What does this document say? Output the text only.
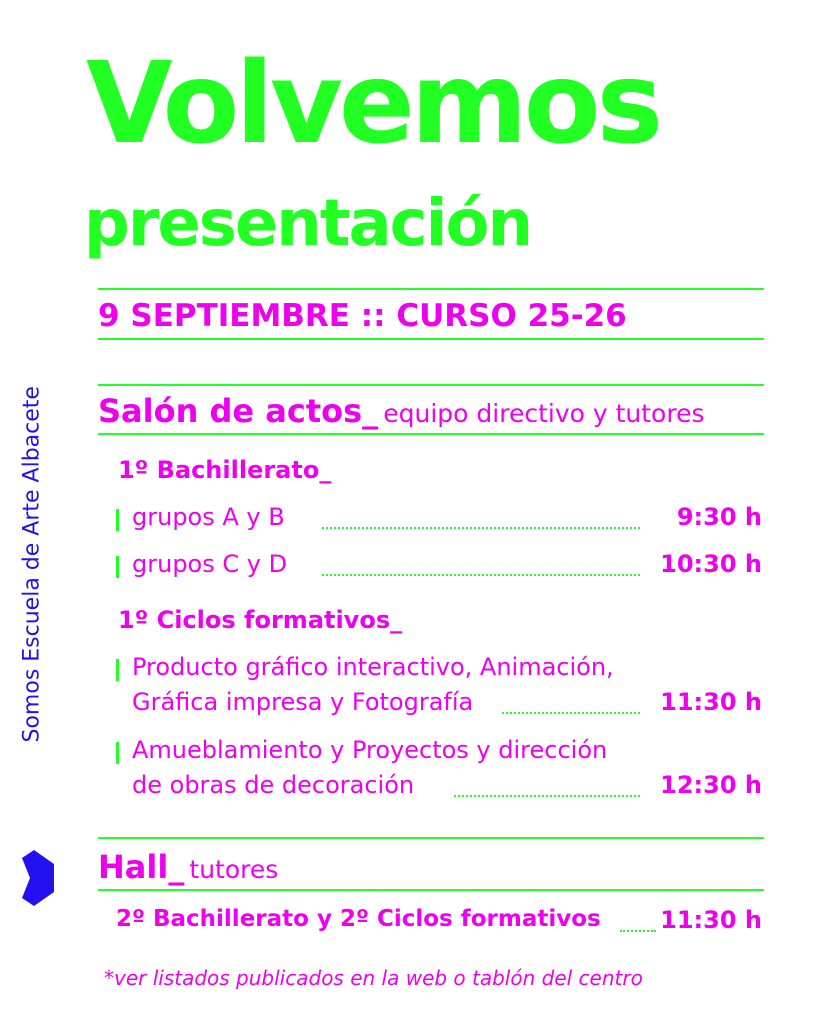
Volvemos
presentación
9 SEPTIEMBRE :: CURSO 25-26
Salón de actos_ equipo directivo y tutores
1º Bachillerato_
grupos A y B	9:30 h
grupos C y D	10:30 h
1º Ciclos formativos_
Producto gráfico interactivo, Animación,
Gráfica impresa y Fotografía	11:30 h
Amueblamiento y Proyectos y dirección
de obras de decoración	12:30 h
Hall_ tutores
2º Bachillerato y 2º Ciclos formativos 11:30 h
*ver listados publicados en la web o tablón del centro
Somos Escuela de Arte Albacete
